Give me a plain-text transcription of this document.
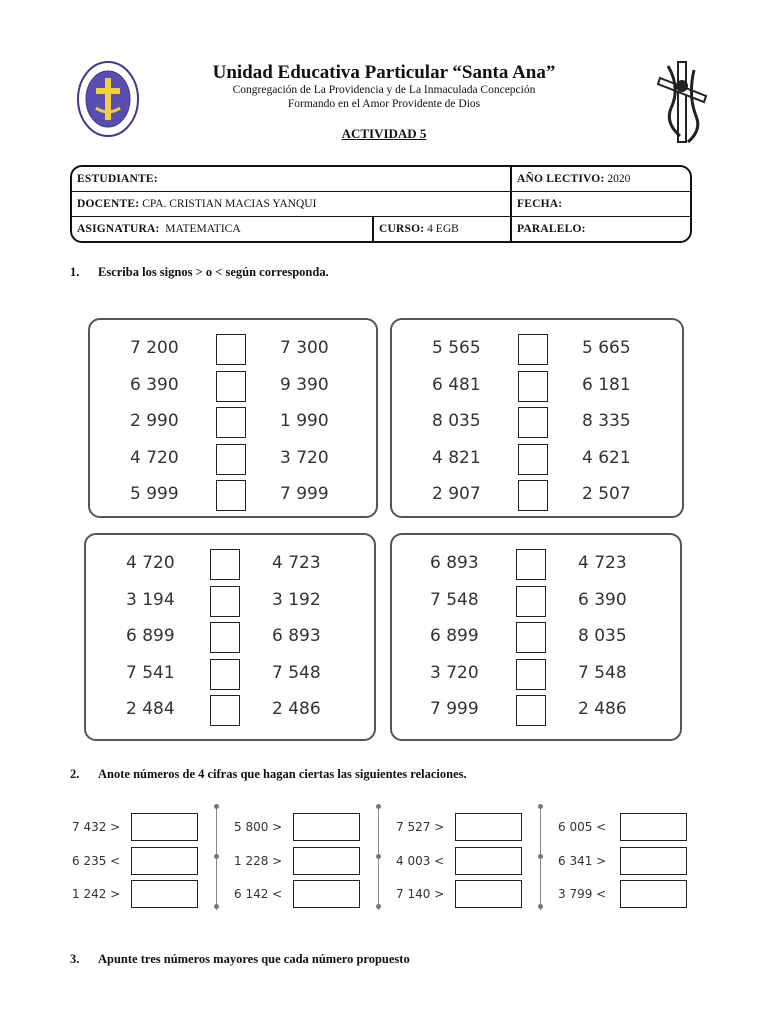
Unidad Educativa Particular “Santa Ana”
Congregación de La Providencia y de La Inmaculada Concepción
Formando en el Amor Providente de Dios
ACTIVIDAD 5
ESTUDIANTE:	AÑO LECTIVO: 2020
DOCENTE: CPA. CRISTIAN MACIAS YANQUI	FECHA:
ASIGNATURA: MATEMATICA	CURSO: 4 EGB	PARALELO:
1. Escriba los signos > o < según corresponda.
7 200	7 300
6 390	9 390
2 990	1 990
4 720	3 720
5 999	7 999
5 565	5 665
6 481	6 181
8 035	8 335
4 821	4 621
2 907	2 507
4 720	4 723
3 194	3 192
6 899	6 893
7 541	7 548
2 484	2 486
6 893	4 723
7 548	6 390
6 899	8 035
3 720	7 548
7 999	2 486
2. Anote números de 4 cifras que hagan ciertas las siguientes relaciones.
7 432 >
6 235 <
1 242 >
5 800 >
1 228 >
6 142 <
7 527 >
4 003 <
7 140 >
6 005 <
6 341 >
3 799 <
3. Apunte tres números mayores que cada número propuesto
